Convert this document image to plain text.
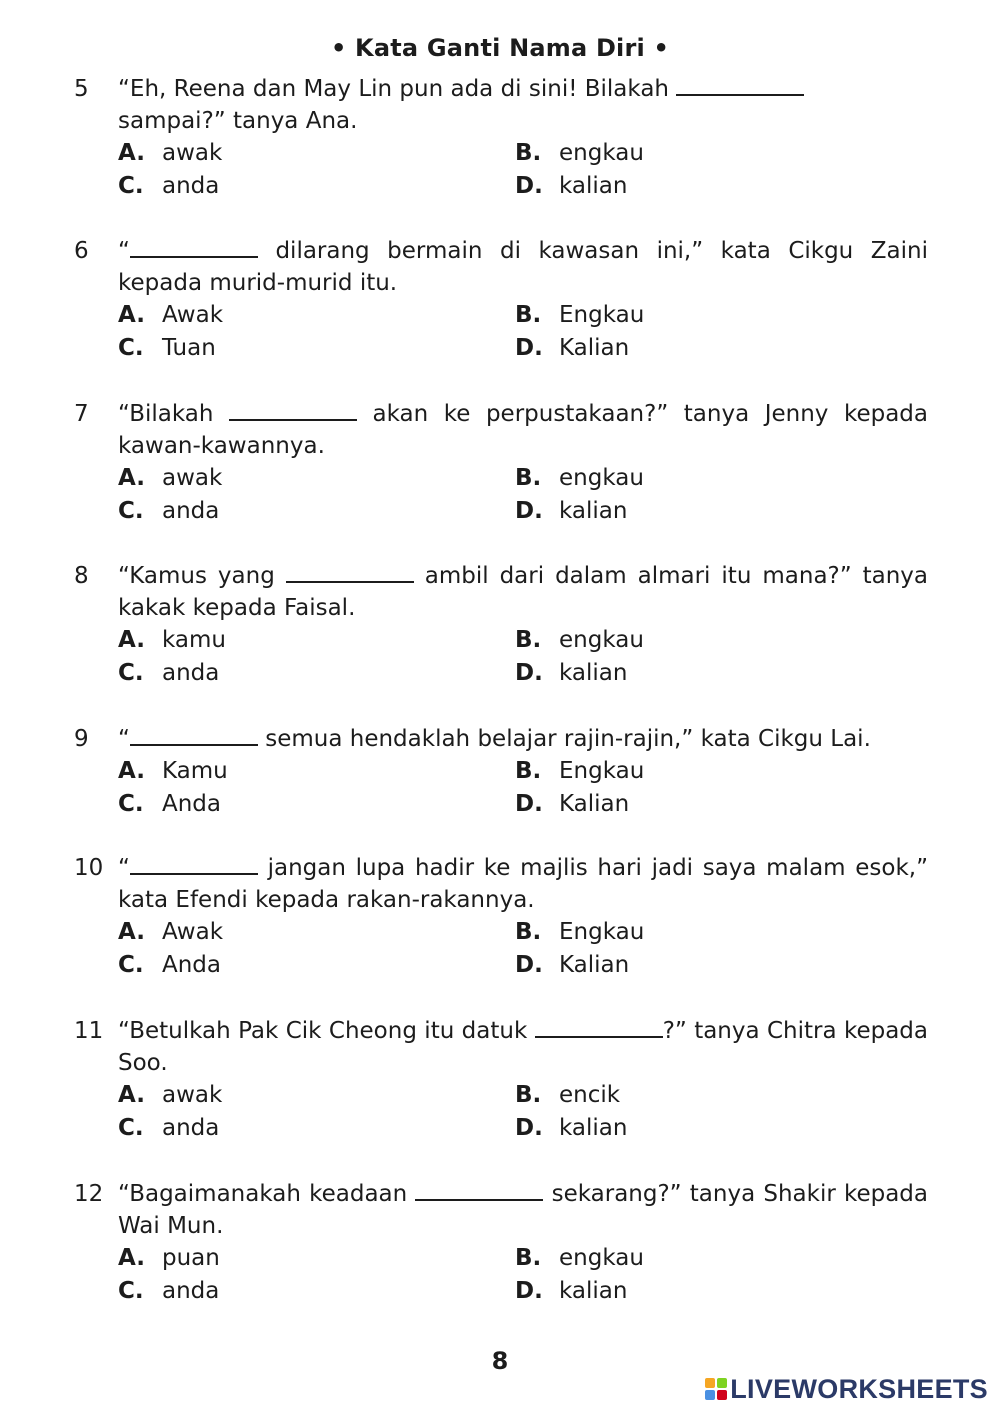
• Kata Ganti Nama Diri •
5 “Eh, Reena dan May Lin pun ada di sini! Bilakah
sampai?” tanya Ana.
A. awak	B. engkau
C. anda	D. kalian
6 “	dilarang bermain di kawasan ini,” kata Cikgu Zaini kepada murid-murid itu.
A. Awak	B. Engkau
C. Tuan	D. Kalian
7 “Bilakah	akan ke perpustakaan?” tanya Jenny kepada kawan-kawannya.
A. awak	B. engkau
C. anda	D. kalian
8 “Kamus yang	ambil dari dalam almari itu mana?” tanya kakak kepada Faisal.
A. kamu	B. engkau
C. anda	D. kalian
9 “	semua hendaklah belajar rajin-rajin,” kata Cikgu Lai.
A. Kamu	B. Engkau
C. Anda	D. Kalian
10 “	jangan lupa hadir ke majlis hari jadi saya malam esok,” kata Efendi kepada rakan-rakannya.
A. Awak	B. Engkau
C. Anda	D. Kalian
11 “Betulkah Pak Cik Cheong itu datuk	?” tanya Chitra kepada Soo.
A. awak	B. encik
C. anda	D. kalian
12 “Bagaimanakah keadaan	sekarang?” tanya Shakir kepada Wai Mun.
A. puan	B. engkau
C. anda	D. kalian
8
LIVEWORKSHEETS
